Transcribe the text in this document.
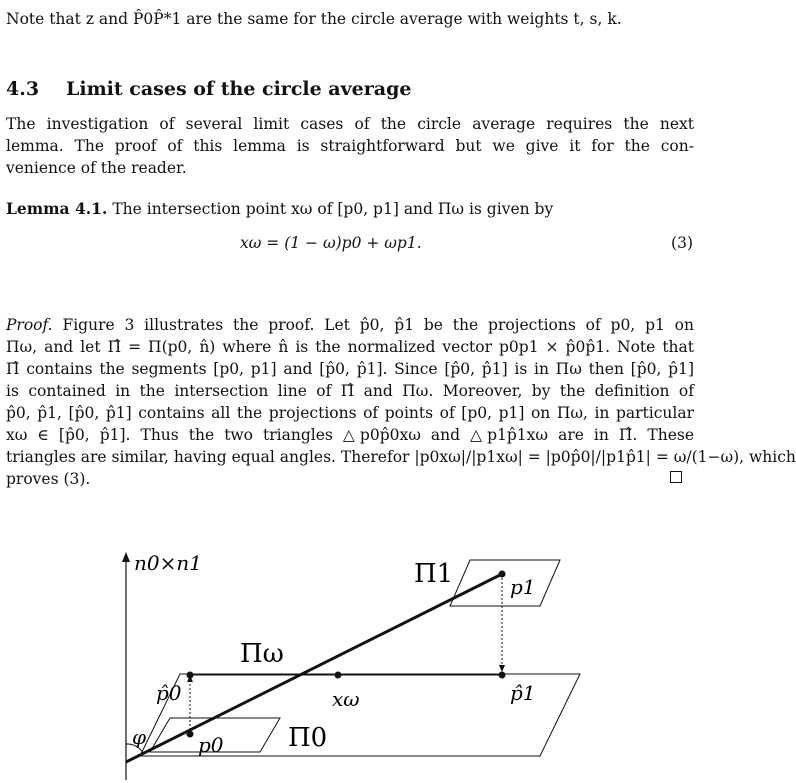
Note that z and P̂0P̂*1 are the same for the circle average with weights t, s, k.
4.3 Limit cases of the circle average
The investigation of several limit cases of the circle average requires the next
lemma. The proof of this lemma is straightforward but we give it for the con-
venience of the reader.
Lemma 4.1. The intersection point xω of [p0, p1] and Πω is given by
xω = (1 − ω)p0 + ωp1.	(3)
Proof. Figure 3 illustrates the proof. Let p̂0, p̂1 be the projections of p0, p1 on
Πω, and let Π̂ = Π(p0, n̂) where n̂ is the normalized vector p0p1 × p̂0p̂1. Note that
Π̂ contains the segments [p0, p1] and [p̂0, p̂1]. Since [p̂0, p̂1] is in Πω then [p̂0, p̂1]
is contained in the intersection line of Π̂ and Πω. Moreover, by the definition of
p̂0, p̂1, [p̂0, p̂1] contains all the projections of points of [p0, p1] on Πω, in particular
xω ∈ [p̂0, p̂1]. Thus the two triangles △p0p̂0xω and △p1p̂1xω are in Π̂. These
triangles are similar, having equal angles. Therefor |p0xω|/|p1xω| = |p0p̂0|/|p1p̂1| = ω/(1−ω), which
proves (3).
n0×n1
Πω
Π1
Π0
p1
p0
p̂0	p̂1
xω
φ
